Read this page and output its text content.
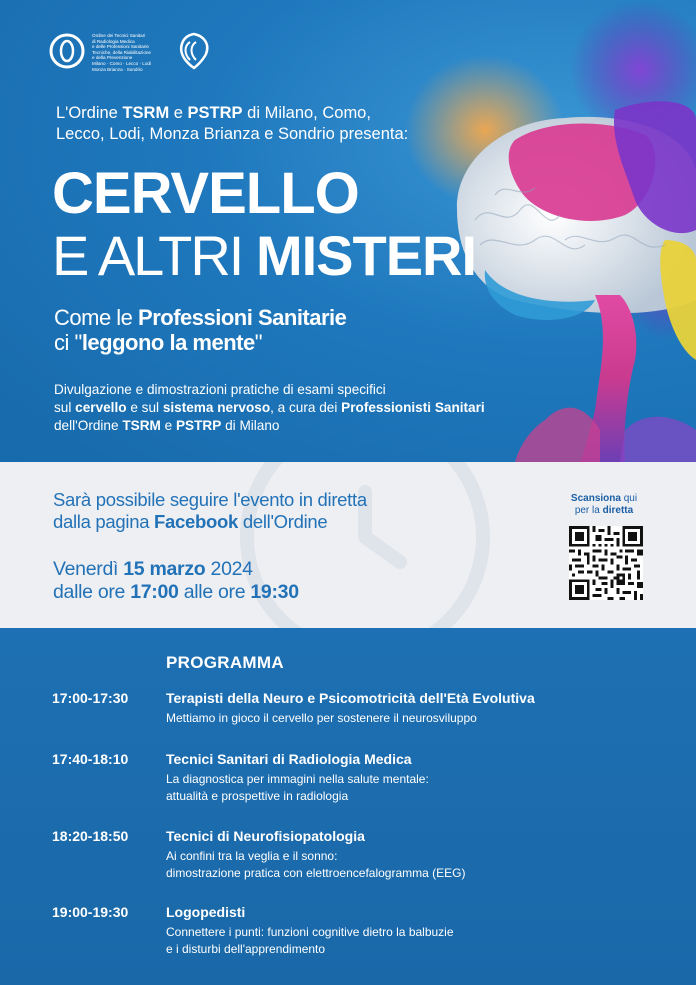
Ordine dei Tecnici Sanitari
di Radiologia Medica
e delle Professioni Sanitarie
Tecniche, della Riabilitazione
e della Prevenzione
Milano · Como · Lecco · Lodi
Monza Brianza · Sondrio
L'Ordine TSRM e PSTRP di Milano, Como,
Lecco, Lodi, Monza Brianza e Sondrio presenta:
CERVELLO
E ALTRI MISTERI
Come le Professioni Sanitarie
ci "leggono la mente"
Divulgazione e dimostrazioni pratiche di esami specifici
sul cervello e sul sistema nervoso, a cura dei Professionisti Sanitari
dell'Ordine TSRM e PSTRP di Milano
Sarà possibile seguire l'evento in diretta
dalla pagina Facebook dell'Ordine
Venerdì 15 marzo 2024
dalle ore 17:00 alle ore 19:30
Scansiona qui
per la diretta
PROGRAMMA
17:00-17:30	Terapisti della Neuro e Psicomotricità dell'Età Evolutiva
Mettiamo in gioco il cervello per sostenere il neurosviluppo
17:40-18:10	Tecnici Sanitari di Radiologia Medica
La diagnostica per immagini nella salute mentale:
attualità e prospettive in radiologia
18:20-18:50	Tecnici di Neurofisiopatologia
Ai confini tra la veglia e il sonno:
dimostrazione pratica con elettroencefalogramma (EEG)
19:00-19:30	Logopedisti
Connettere i punti: funzioni cognitive dietro la balbuzie
e i disturbi dell'apprendimento
